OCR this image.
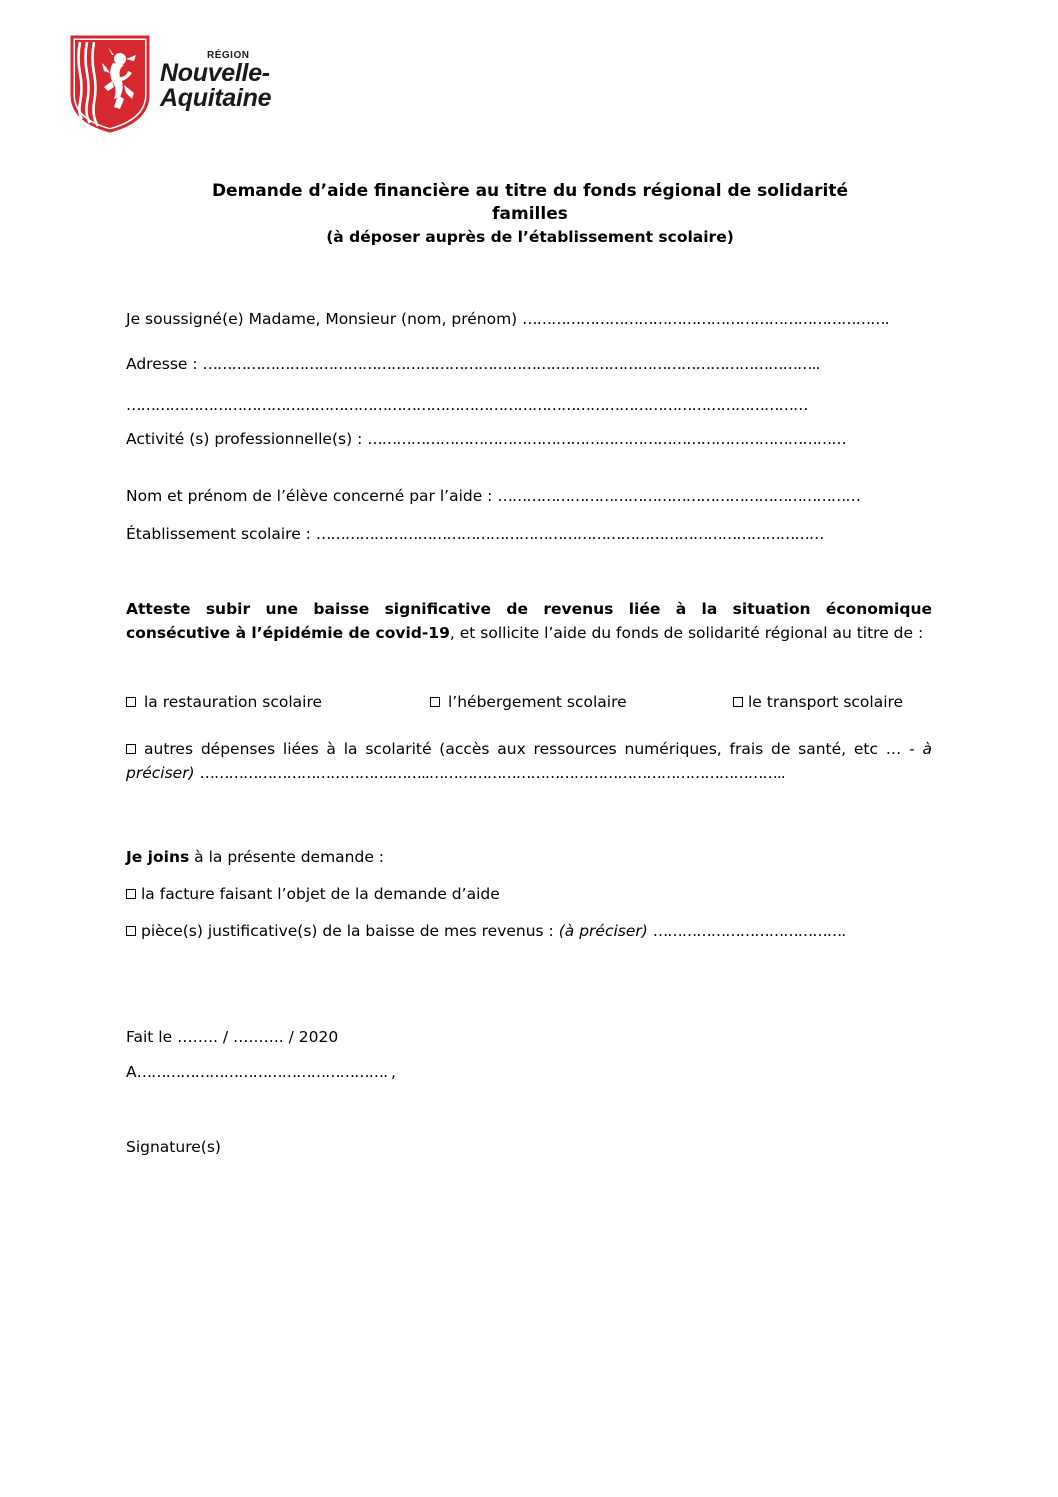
RÉGION
Nouvelle-
Aquitaine

Demande d’aide financière au titre du fonds régional de solidarité

familles

(à déposer auprès de l’établissement scolaire)

Je soussigné(e) Madame, Monsieur (nom, prénom) ………………………………………………………………….
Adresse : ………………………………………………………………………………………………………………..
……………………………………………………………………………………………………………………………
Activité (s) professionnelle(s) : ………………………………………………………………………………………
Nom et prénom de l’élève concerné par l’aide : …………………………………………………………………
Établissement scolaire : ……………………………………………………………………………………………
Atteste subir une baisse significative de revenus liée à la situation économique consécutive à l’épidémie de covid-19, et sollicite l’aide du fonds de solidarité régional au titre de :
la restauration scolaire	l’hébergement scolaire	le transport scolaire
autres dépenses liées à la scolarité (accès aux ressources numériques, frais de santé, etc … - à préciser) ………………………………….……..………………………………………………………………..
Je joins à la présente demande :
la facture faisant l’objet de la demande d’aide
pièce(s) justificative(s) de la baisse de mes revenus : (à préciser) ………………………………….
Fait le …….. / …..….. / 2020
A……………………………………………. ,
Signature(s)
